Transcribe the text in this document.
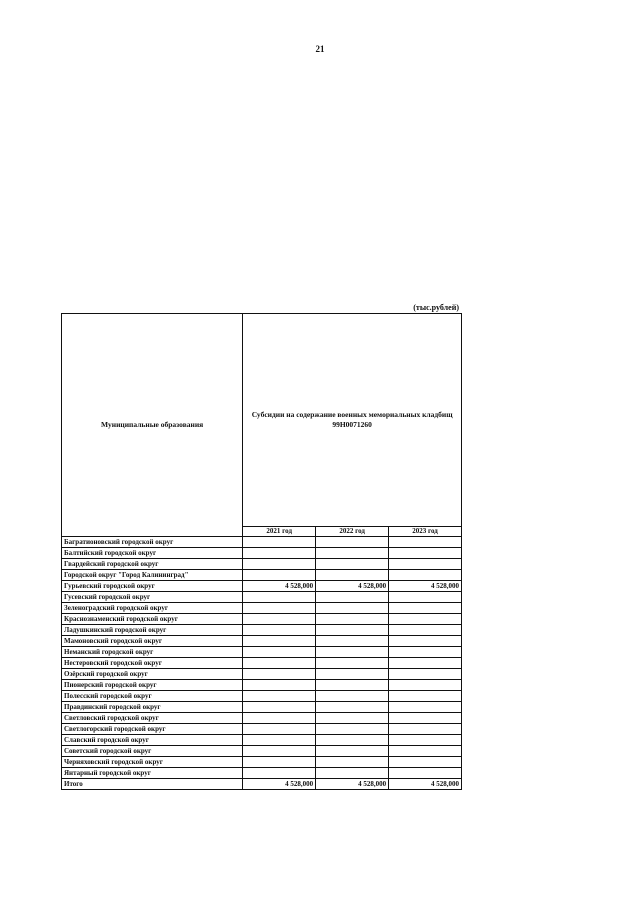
21
(тыс.рублей)
Муниципальные образования	Субсидии на содержание военных мемориальных кладбищ 99Н0071260		
	2021 год	2022 год	2023 год
Багратионовский городской округ			
Балтийский городской округ			
Гвардейский городской округ			
Городской округ "Город Калининград"			
Гурьевский городской округ	4 528,000	4 528,000	4 528,000
Гусевский городской округ			
Зеленоградский городской округ			
Краснознаменский городской округ			
Ладушкинский городской округ			
Мамоновский городской округ			
Неманский городской округ			
Нестеровский городской округ			
Озёрский городской округ			
Пионерский городской округ			
Полесский городской округ			
Правдинский городской округ			
Светловский городской округ			
Светлогорский городской округ			
Славский городской округ			
Советский городской округ			
Черняховский городской округ			
Янтарный городской округ			
Итого	4 528,000	4 528,000	4 528,000
